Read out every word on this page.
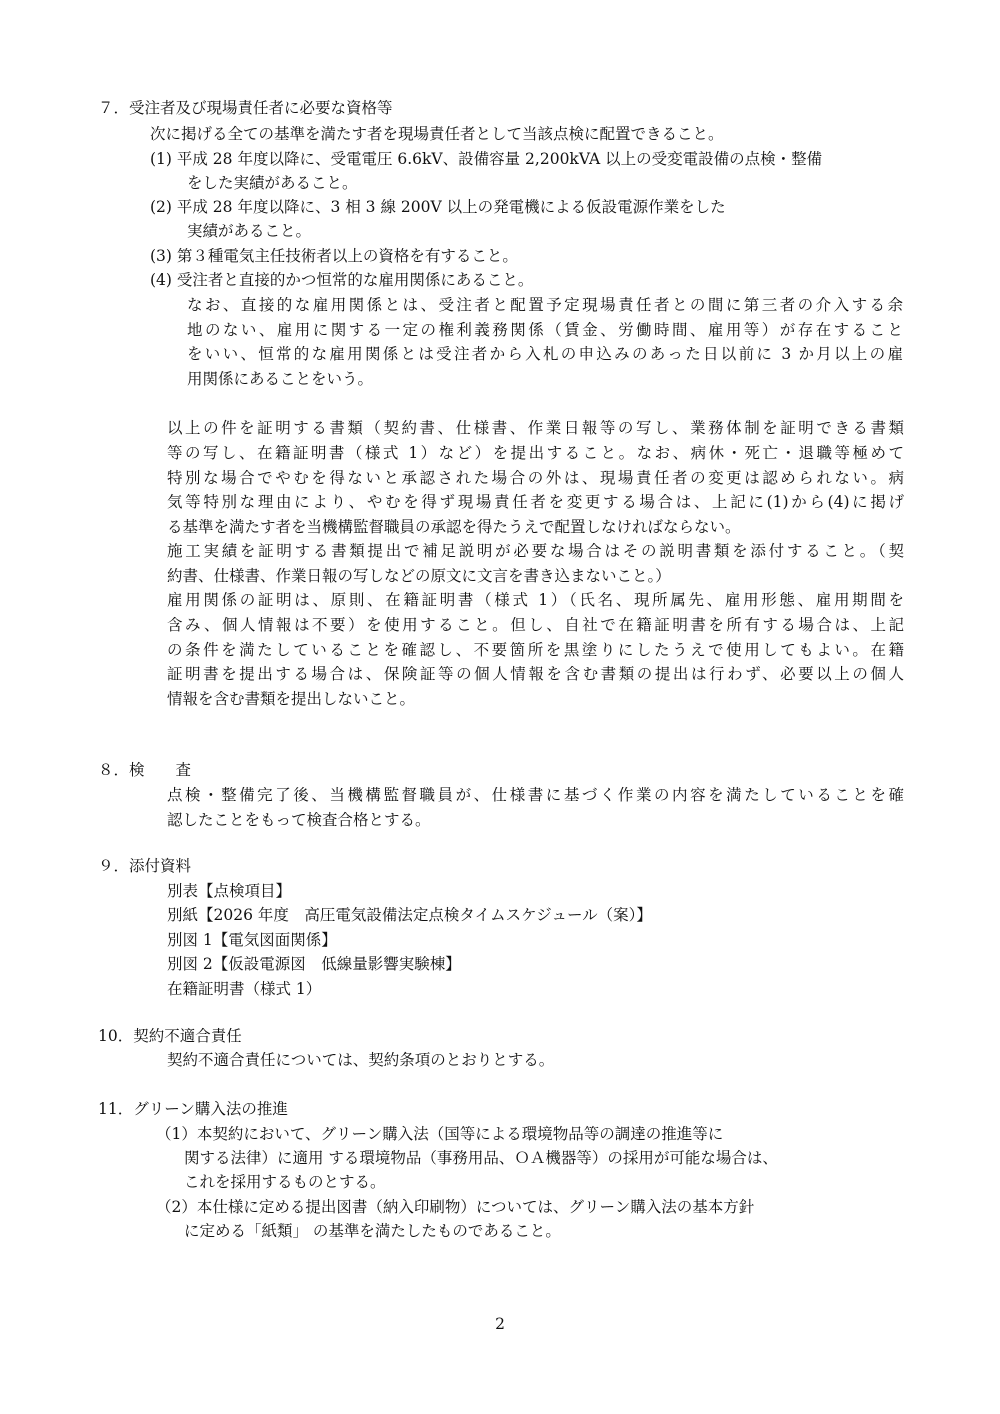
７．受注者及び現場責任者に必要な資格等
次に掲げる全ての基準を満たす者を現場責任者として当該点検に配置できること。
(1) 平成 28 年度以降に、受電電圧 6.6kV、設備容量 2,200kVA 以上の受変電設備の点検・整備
をした実績があること。
(2) 平成 28 年度以降に、3 相 3 線 200V 以上の発電機による仮設電源作業をした
実績があること。
(3) 第３種電気主任技術者以上の資格を有すること。
(4) 受注者と直接的かつ恒常的な雇用関係にあること。
なお、直接的な雇用関係とは、受注者と配置予定現場責任者との間に第三者の介入する余
地のない、雇用に関する一定の権利義務関係（賃金、労働時間、雇用等）が存在すること
をいい、恒常的な雇用関係とは受注者から入札の申込みのあった日以前に 3 か月以上の雇
用関係にあることをいう。
以上の件を証明する書類（契約書、仕様書、作業日報等の写し、業務体制を証明できる書類
等の写し、在籍証明書（様式 1）など）を提出すること。なお、病休・死亡・退職等極めて
特別な場合でやむを得ないと承認された場合の外は、現場責任者の変更は認められない。病
気等特別な理由により、やむを得ず現場責任者を変更する場合は、上記に(1)から(4)に掲げ
る基準を満たす者を当機構監督職員の承認を得たうえで配置しなければならない。
施工実績を証明する書類提出で補足説明が必要な場合はその説明書類を添付すること。（契
約書、仕様書、作業日報の写しなどの原文に文言を書き込まないこと。）
雇用関係の証明は、原則、在籍証明書（様式 1）（氏名、現所属先、雇用形態、雇用期間を
含み、個人情報は不要）を使用すること。但し、自社で在籍証明書を所有する場合は、上記
の条件を満たしていることを確認し、不要箇所を黒塗りにしたうえで使用してもよい。在籍
証明書を提出する場合は、保険証等の個人情報を含む書類の提出は行わず、必要以上の個人
情報を含む書類を提出しないこと。
８．検　　査
点検・整備完了後、当機構監督職員が、仕様書に基づく作業の内容を満たしていることを確
認したことをもって検査合格とする。
９．添付資料
別表【点検項目】
別紙【2026 年度　高圧電気設備法定点検タイムスケジュール（案）】
別図 1【電気図面関係】
別図 2【仮設電源図　低線量影響実験棟】
在籍証明書（様式 1）
10．契約不適合責任
契約不適合責任については、契約条項のとおりとする。
11．グリーン購入法の推進
（1）本契約において、グリーン購入法（国等による環境物品等の調達の推進等に
関する法律）に適用 する環境物品（事務用品、ＯＡ機器等）の採用が可能な場合は、
これを採用するものとする。
（2）本仕様に定める提出図書（納入印刷物）については、グリーン購入法の基本方針
に定める「紙類」 の基準を満たしたものであること。
2
